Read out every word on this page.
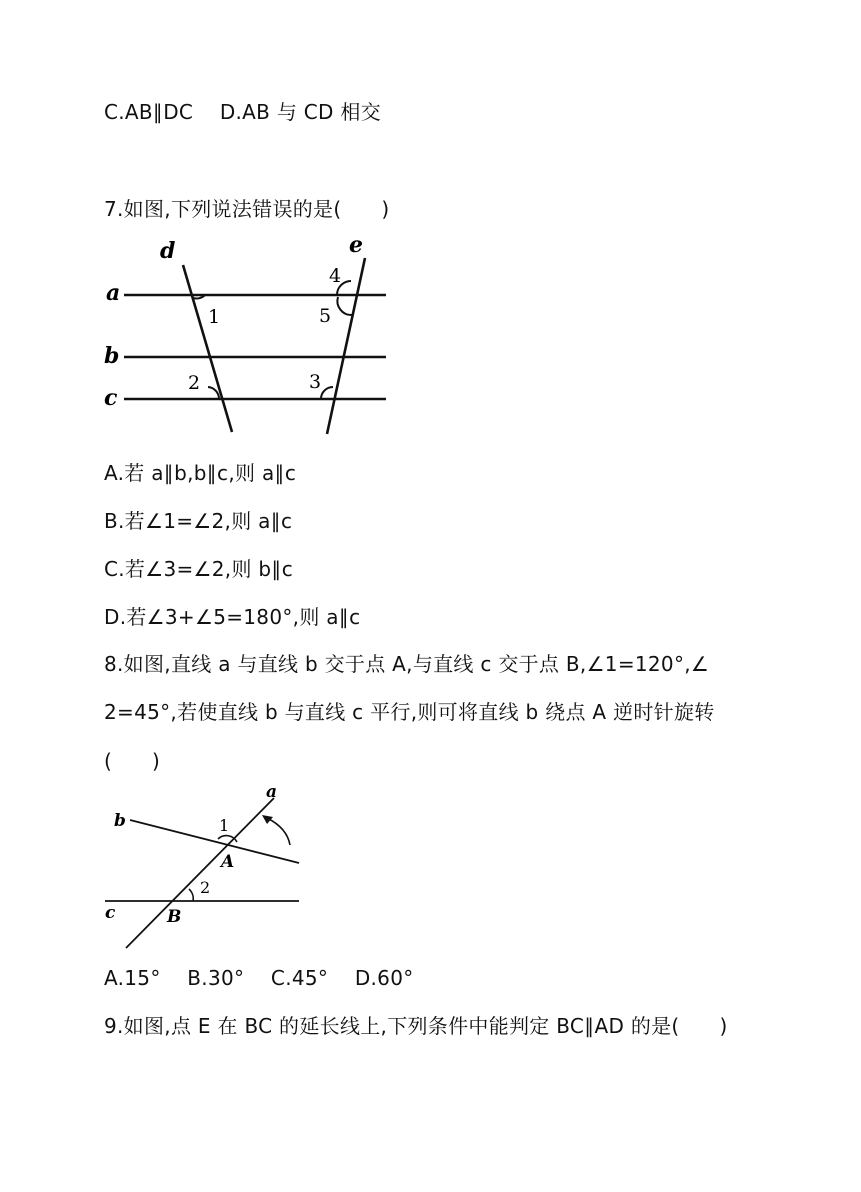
C.AB∥DC    D.AB 与 CD 相交
7.如图,下列说法错误的是(      )
a
b
c
d	e
1
2	3
4
5
A.若 a∥b,b∥c,则 a∥c
B.若∠1=∠2,则 a∥c
C.若∠3=∠2,则 b∥c
D.若∠3+∠5=180°,则 a∥c
8.如图,直线 a 与直线 b 交于点 A,与直线 c 交于点 B,∠1=120°,∠
2=45°,若使直线 b 与直线 c 平行,则可将直线 b 绕点 A 逆时针旋转
(      )
a
b
c
A
B
1
2
A.15°    B.30°    C.45°    D.60°
9.如图,点 E 在 BC 的延长线上,下列条件中能判定 BC∥AD 的是(      )
